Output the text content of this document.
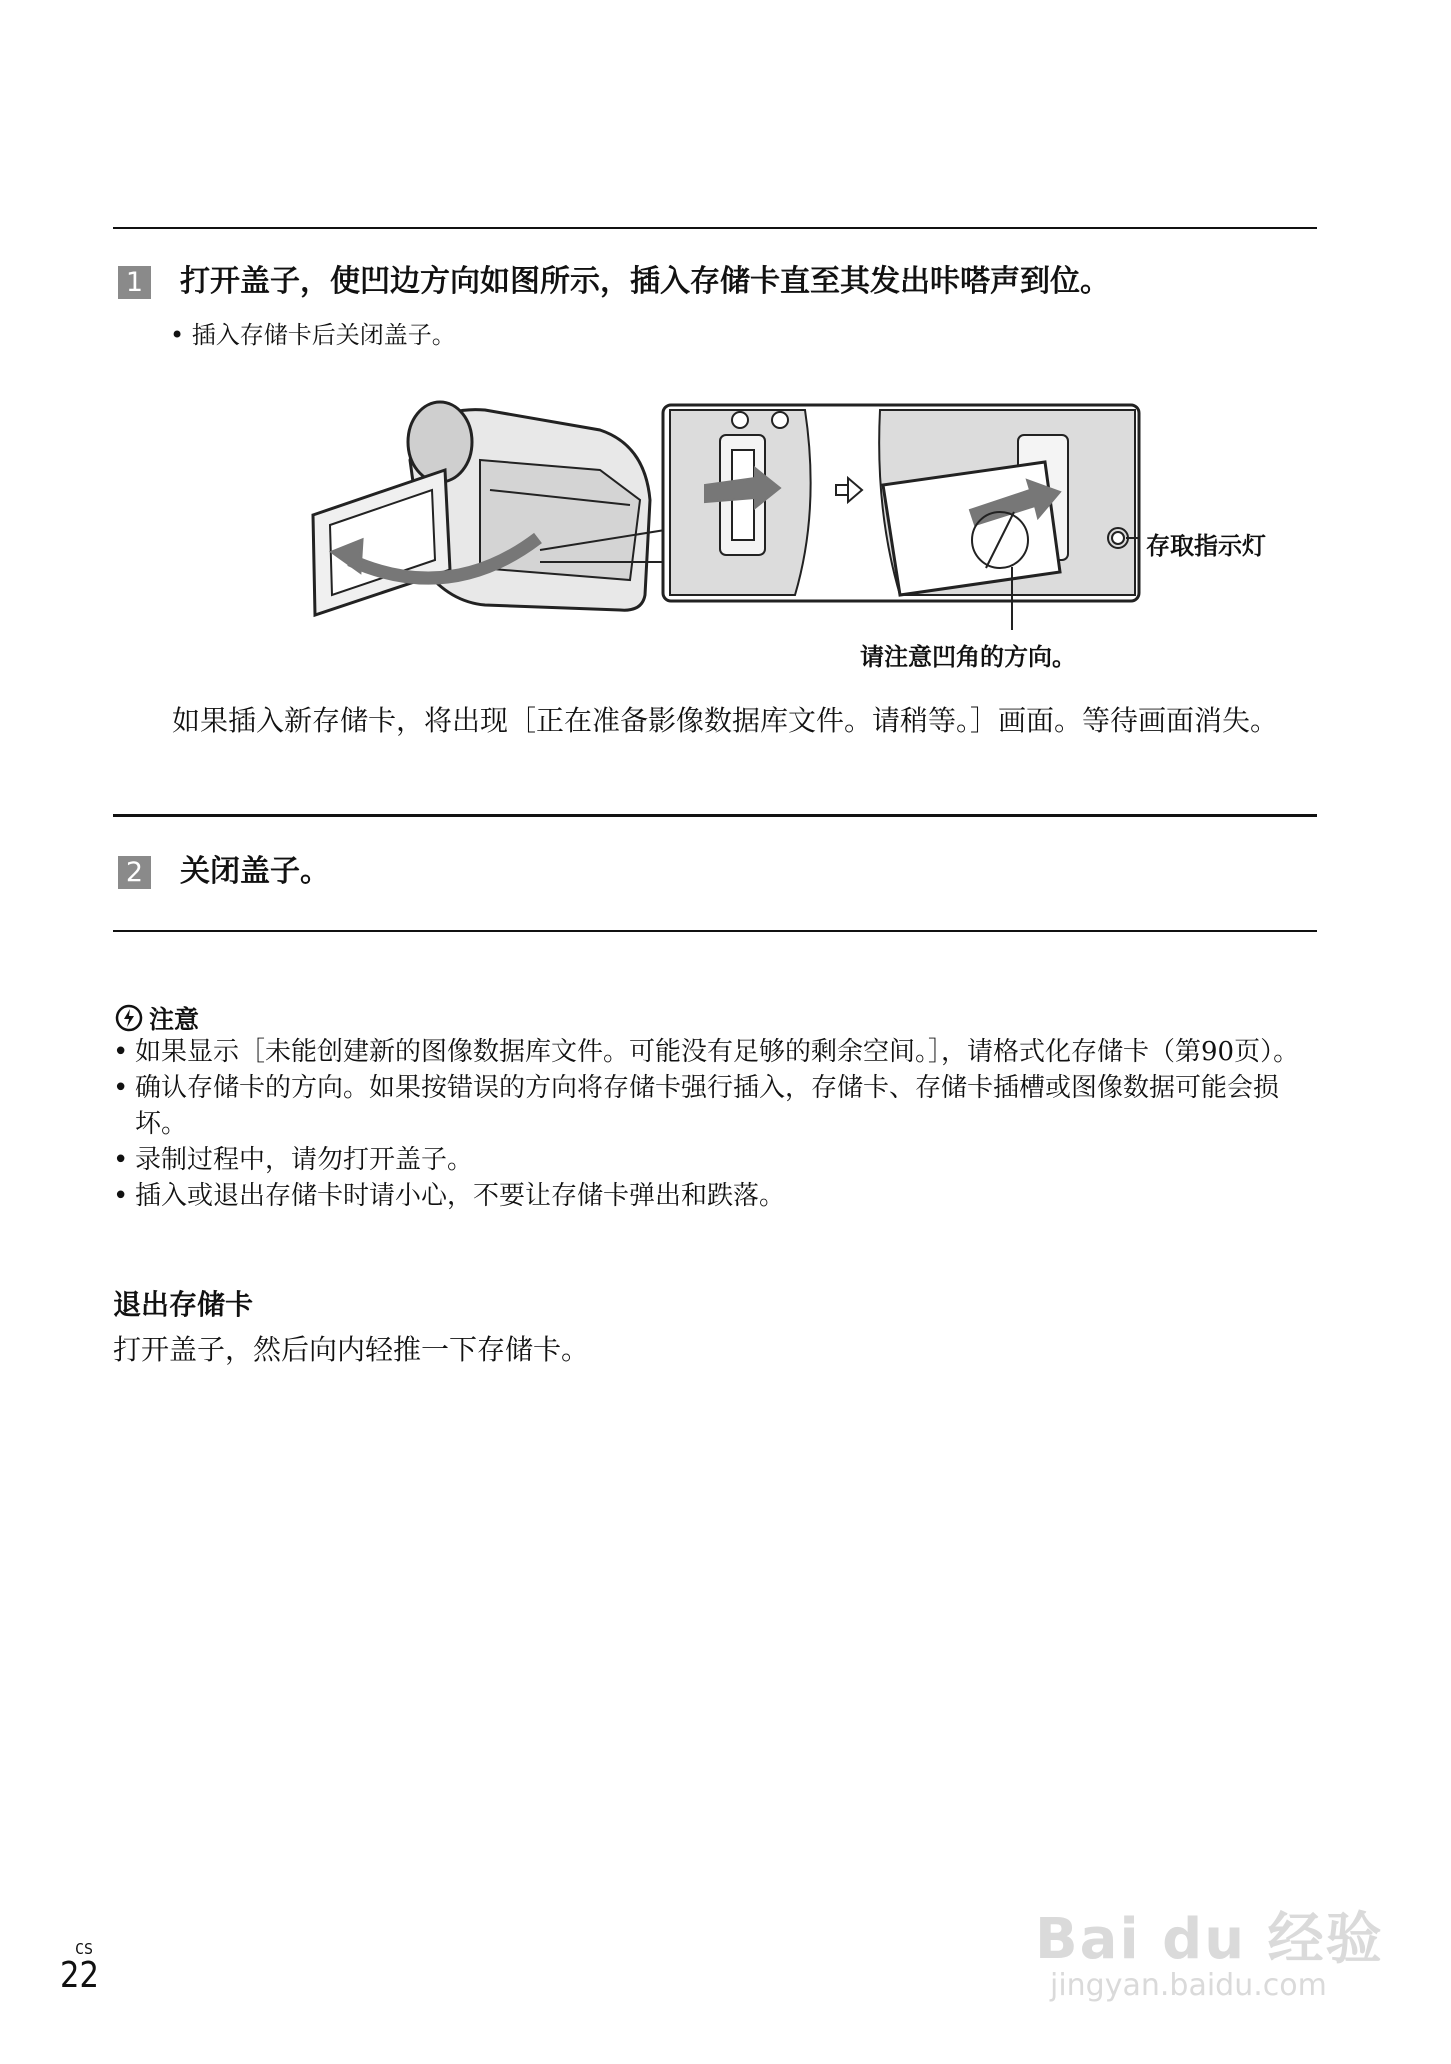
1 打开盖子，使凹边方向如图所示，插入存储卡直至其发出咔嗒声到位。
• 插入存储卡后关闭盖子。
存取指示灯
请注意凹角的方向。
如果插入新存储卡，将出现［正在准备影像数据库文件。请稍等。］画面。等待画面消失。
2 关闭盖子。
注意
• 如果显示［未能创建新的图像数据库文件。可能没有足够的剩余空间。］，请格式化存储卡（第90页）。
• 确认存储卡的方向。如果按错误的方向将存储卡强行插入，存储卡、存储卡插槽或图像数据可能会损坏。
• 录制过程中，请勿打开盖子。
• 插入或退出存储卡时请小心，不要让存储卡弹出和跌落。
退出存储卡
打开盖子，然后向内轻推一下存储卡。
Bai du 经验
jingyan.baidu.com
CS
22
